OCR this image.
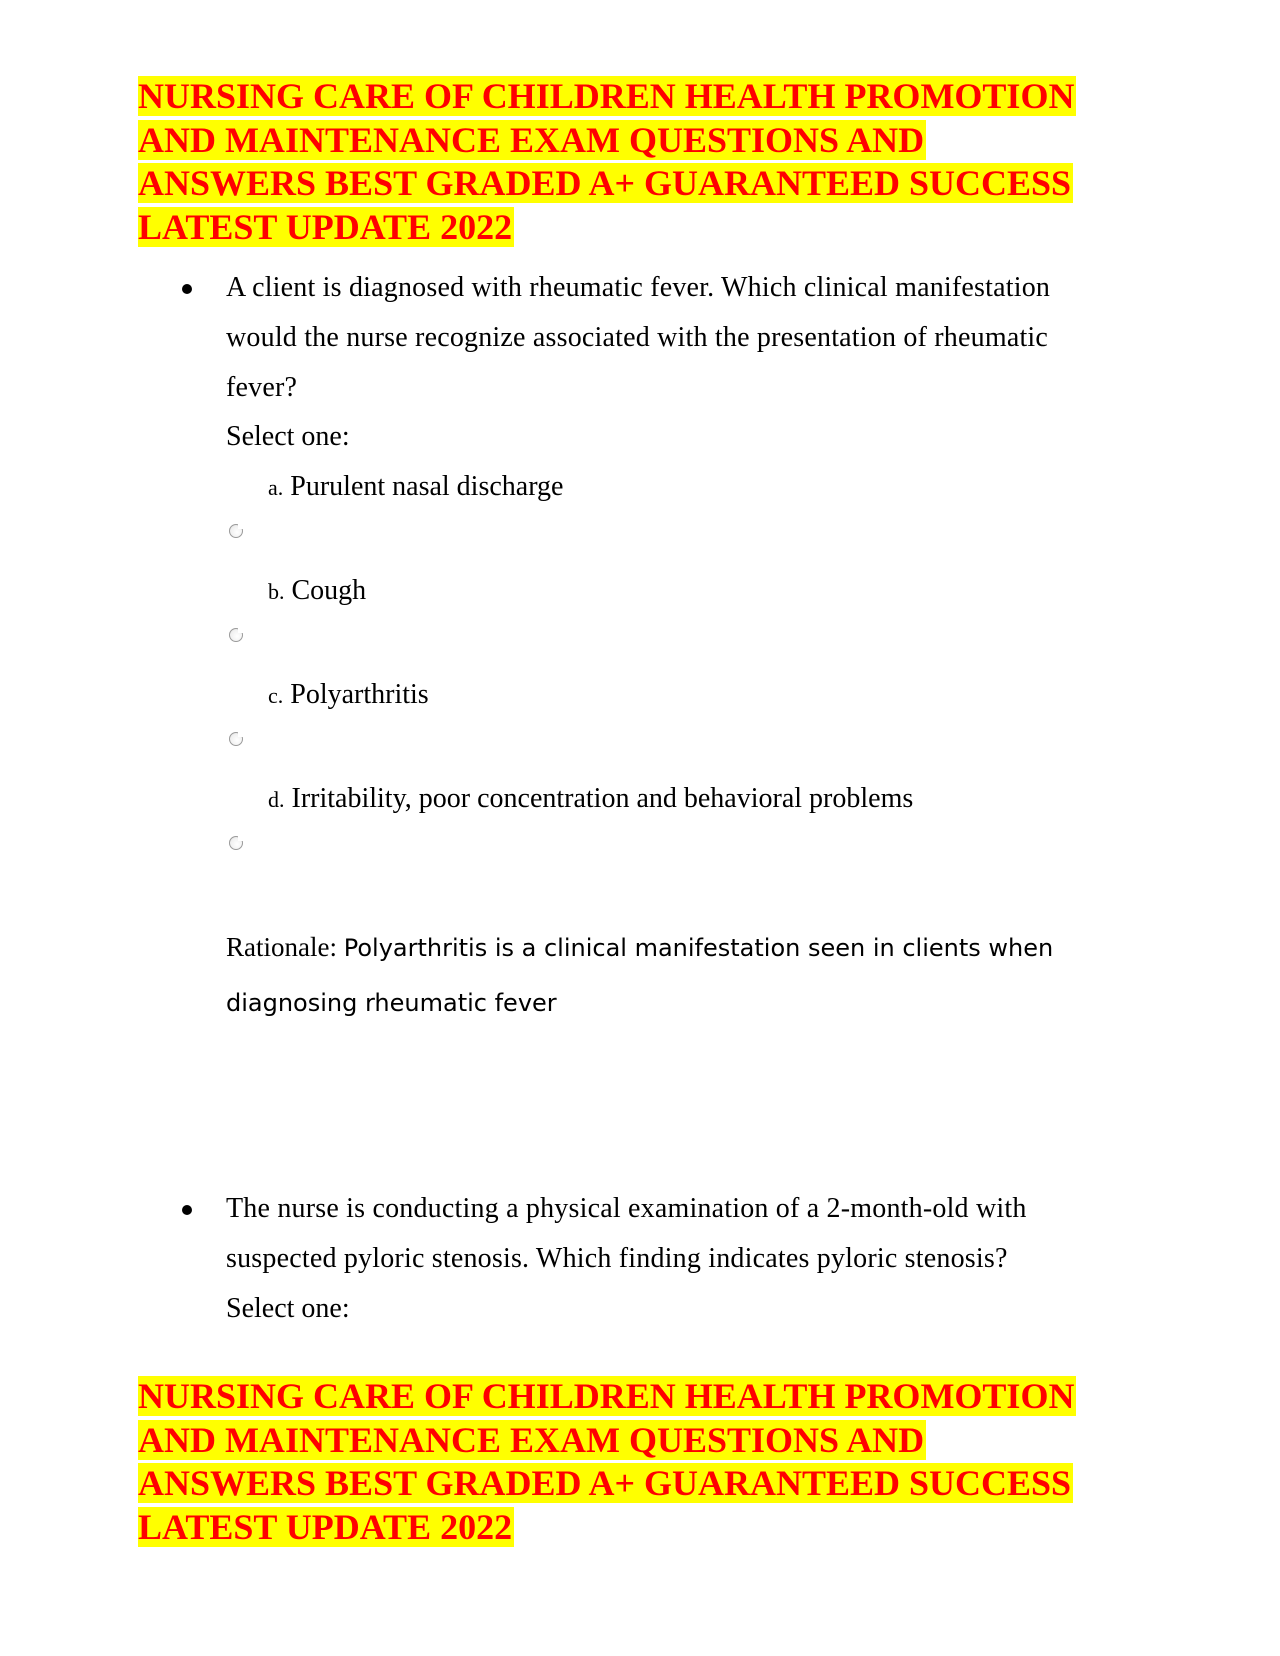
NURSING CARE OF CHILDREN HEALTH PROMOTION
AND MAINTENANCE EXAM QUESTIONS AND
ANSWERS BEST GRADED A+ GUARANTEED SUCCESS
LATEST UPDATE 2022

A client is diagnosed with rheumatic fever. Which clinical manifestation would the nurse recognize associated with the presentation of rheumatic fever?

Select one:

a. Purulent nasal discharge

b. Cough

c. Polyarthritis

d. Irritability, poor concentration and behavioral problems

Rationale: Polyarthritis is a clinical manifestation seen in clients when diagnosing rheumatic fever

The nurse is conducting a physical examination of a 2-month-old with suspected pyloric stenosis. Which finding indicates pyloric stenosis?

Select one:

NURSING CARE OF CHILDREN HEALTH PROMOTION
AND MAINTENANCE EXAM QUESTIONS AND
ANSWERS BEST GRADED A+ GUARANTEED SUCCESS
LATEST UPDATE 2022
